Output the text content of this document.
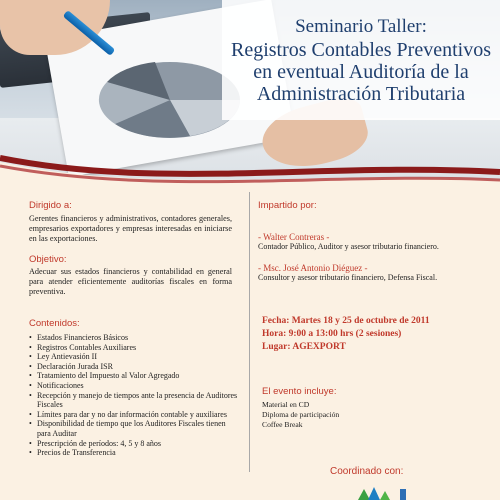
Seminario Taller:
Registros Contables Preventivos
en eventual Auditoría de la
Administración Tributaria
Dirigido a:
Gerentes financieros y administrativos, contadores generales, empresarios exportadores y empresas interesadas en iniciarse en las exportaciones.
Objetivo:
Adecuar sus estados financieros y contabilidad en general para atender eficientemente auditorías fiscales en forma preventiva.
Contenidos:
• Estados Financieros Básicos
• Registros Contables Auxiliares
• Ley Antievasión II
• Declaración Jurada ISR
• Tratamiento del Impuesto al Valor Agregado
• Notificaciones
• Recepción y manejo de tiempos ante la presencia de Auditores Fiscales
• Límites para dar y no dar información contable y auxiliares
• Disponibilidad de tiempo que los Auditores Fiscales tienen para Auditar
• Prescripción de períodos: 4, 5 y 8 años
• Precios de Transferencia
Impartido por:
- Walter Contreras -
Contador Público, Auditor y asesor tributario financiero.
- Msc. José Antonio Diéguez -
Consultor y asesor tributario financiero, Defensa Fiscal.
Fecha: Martes 18 y 25 de octubre de 2011
Hora: 9:00 a 13:00 hrs (2 sesiones)
Lugar: AGEXPORT
El evento incluye:
Material en CD
Diploma de participación
Coffee Break
Coordinado con:
